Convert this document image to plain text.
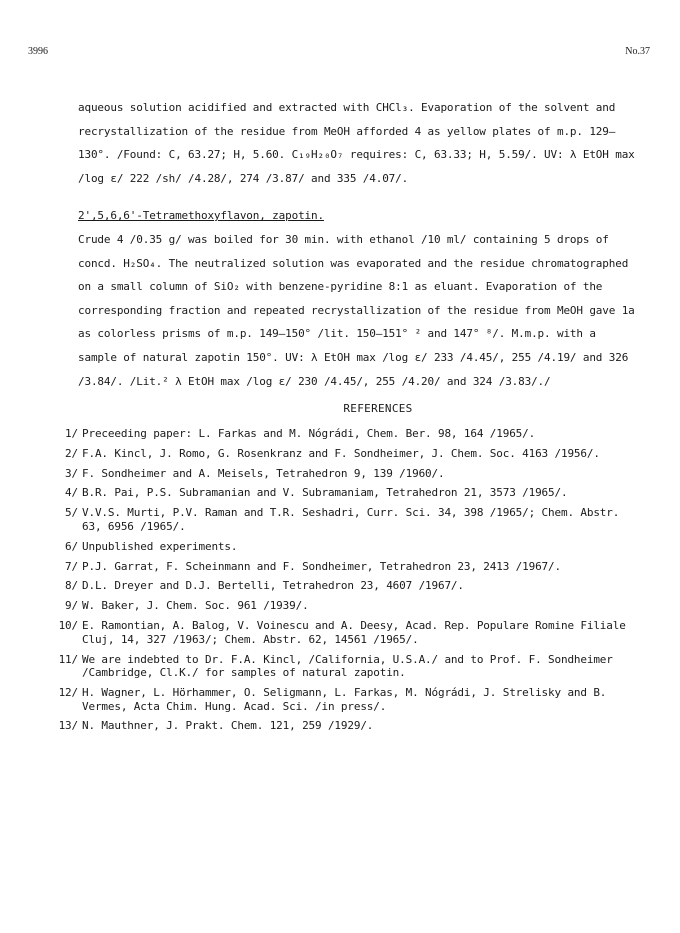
3996	No.37

aqueous solution acidified and extracted with CHCl₃. Evaporation of the solvent and recrystallization of the residue from MeOH afforded 4 as yellow plates of m.p. 129–130°. /Found: C, 63.27; H, 5.60. C₁₉H₂₀O₇ requires: C, 63.33; H, 5.59/. UV: λ EtOH max /log ε/ 222 /sh/ /4.28/, 274 /3.87/ and 335 /4.07/.

2',5,6,6'-Tetramethoxyflavon, zapotin.

Crude 4 /0.35 g/ was boiled for 30 min. with ethanol /10 ml/ containing 5 drops of concd. H₂SO₄. The neutralized solution was evaporated and the residue chromatographed on a small column of SiO₂ with benzene-pyridine 8:1 as eluant. Evaporation of the corresponding fraction and repeated recrystallization of the residue from MeOH gave 1a as colorless prisms of m.p. 149–150° /lit. 150–151° ² and 147° ⁸/. M.m.p. with a sample of natural zapotin 150°. UV: λ EtOH max /log ε/ 233 /4.45/, 255 /4.19/ and 326 /3.84/. /Lit.² λ EtOH max /log ε/ 230 /4.45/, 255 /4.20/ and 324 /3.83/./

REFERENCES

1/ Preceeding paper: L. Farkas and M. Nógrádi, Chem. Ber. 98, 164 /1965/.
2/ F.A. Kincl, J. Romo, G. Rosenkranz and F. Sondheimer, J. Chem. Soc. 4163 /1956/.
3/ F. Sondheimer and A. Meisels, Tetrahedron 9, 139 /1960/.
4/ B.R. Pai, P.S. Subramanian and V. Subramaniam, Tetrahedron 21, 3573 /1965/.
5/ V.V.S. Murti, P.V. Raman and T.R. Seshadri, Curr. Sci. 34, 398 /1965/; Chem. Abstr. 63, 6956 /1965/.
6/ Unpublished experiments.
7/ P.J. Garrat, F. Scheinmann and F. Sondheimer, Tetrahedron 23, 2413 /1967/.
8/ D.L. Dreyer and D.J. Bertelli, Tetrahedron 23, 4607 /1967/.
9/ W. Baker, J. Chem. Soc. 961 /1939/.
10/ E. Ramontian, A. Balog, V. Voinescu and A. Deesy, Acad. Rep. Populare Romine Filiale Cluj, 14, 327 /1963/; Chem. Abstr. 62, 14561 /1965/.
11/ We are indebted to Dr. F.A. Kincl, /California, U.S.A./ and to Prof. F. Sondheimer /Cambridge, Cl.K./ for samples of natural zapotin.
12/ H. Wagner, L. Hörhammer, O. Seligmann, L. Farkas, M. Nógrádi, J. Strelisky and B. Vermes, Acta Chim. Hung. Acad. Sci. /in press/.
13/ N. Mauthner, J. Prakt. Chem. 121, 259 /1929/.
